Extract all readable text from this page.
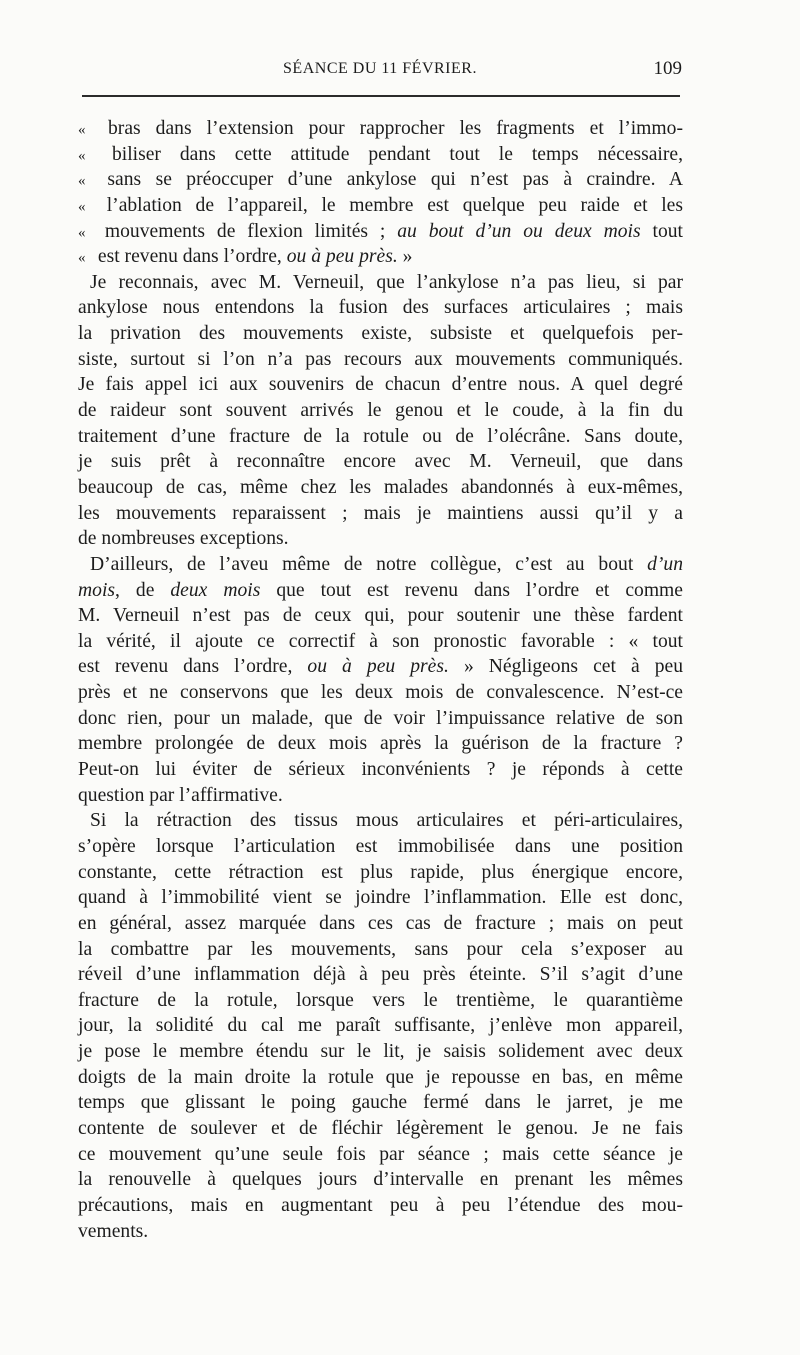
SÉANCE DU 11 FÉVRIER.	109
« bras dans l’extension pour rapprocher les fragments et l’immo-
« biliser dans cette attitude pendant tout le temps nécessaire,
« sans se préoccuper d’une ankylose qui n’est pas à craindre. A
« l’ablation de l’appareil, le membre est quelque peu raide et les
« mouvements de flexion limités ; au bout d’un ou deux mois tout
« est revenu dans l’ordre, ou à peu près. »
Je reconnais, avec M. Verneuil, que l’ankylose n’a pas lieu, si par
ankylose nous entendons la fusion des surfaces articulaires ; mais
la privation des mouvements existe, subsiste et quelquefois per-
siste, surtout si l’on n’a pas recours aux mouvements communiqués.
Je fais appel ici aux souvenirs de chacun d’entre nous. A quel degré
de raideur sont souvent arrivés le genou et le coude, à la fin du
traitement d’une fracture de la rotule ou de l’olécrâne. Sans doute,
je suis prêt à reconnaître encore avec M. Verneuil, que dans
beaucoup de cas, même chez les malades abandonnés à eux-mêmes,
les mouvements reparaissent ; mais je maintiens aussi qu’il y a
de nombreuses exceptions.
D’ailleurs, de l’aveu même de notre collègue, c’est au bout d’un
mois, de deux mois que tout est revenu dans l’ordre et comme
M. Verneuil n’est pas de ceux qui, pour soutenir une thèse fardent
la vérité, il ajoute ce correctif à son pronostic favorable : « tout
est revenu dans l’ordre, ou à peu près. » Négligeons cet à peu
près et ne conservons que les deux mois de convalescence. N’est-ce
donc rien, pour un malade, que de voir l’impuissance relative de son
membre prolongée de deux mois après la guérison de la fracture ?
Peut-on lui éviter de sérieux inconvénients ? je réponds à cette
question par l’affirmative.
Si la rétraction des tissus mous articulaires et péri-articulaires,
s’opère lorsque l’articulation est immobilisée dans une position
constante, cette rétraction est plus rapide, plus énergique encore,
quand à l’immobilité vient se joindre l’inflammation. Elle est donc,
en général, assez marquée dans ces cas de fracture ; mais on peut
la combattre par les mouvements, sans pour cela s’exposer au
réveil d’une inflammation déjà à peu près éteinte. S’il s’agit d’une
fracture de la rotule, lorsque vers le trentième, le quarantième
jour, la solidité du cal me paraît suffisante, j’enlève mon appareil,
je pose le membre étendu sur le lit, je saisis solidement avec deux
doigts de la main droite la rotule que je repousse en bas, en même
temps que glissant le poing gauche fermé dans le jarret, je me
contente de soulever et de fléchir légèrement le genou. Je ne fais
ce mouvement qu’une seule fois par séance ; mais cette séance je
la renouvelle à quelques jours d’intervalle en prenant les mêmes
précautions, mais en augmentant peu à peu l’étendue des mou-
vements.
